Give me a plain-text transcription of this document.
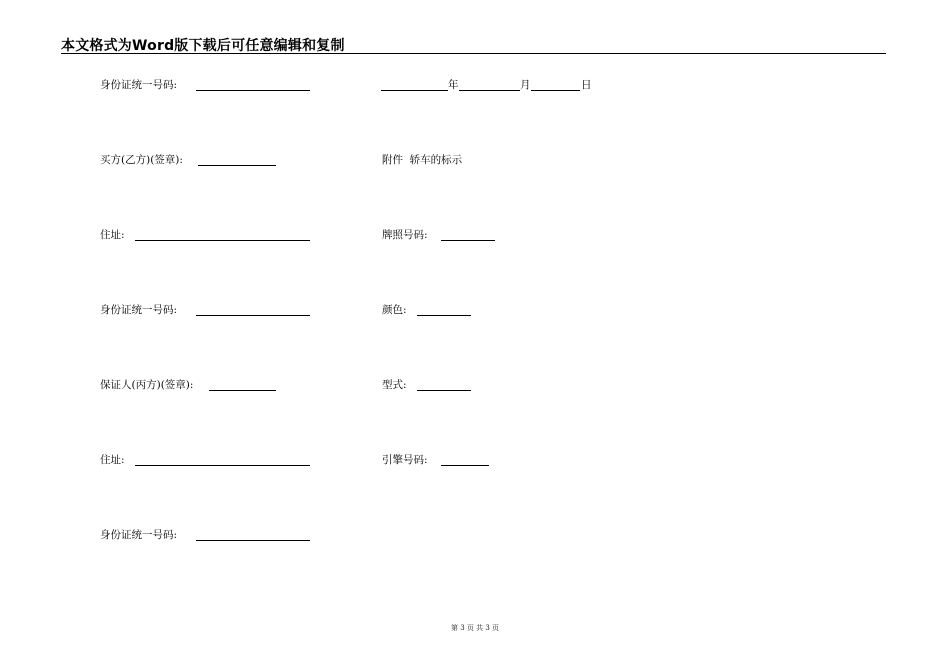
本文格式为Word版下载后可任意编辑和复制
身份证统一号码:
买方(乙方)(签章):
住址:
身份证统一号码:
保证人(丙方)(签章):
住址:
身份证统一号码:
年	月	日
附件  轿车的标示
牌照号码:
颜色:
型式:
引擎号码:
第 3 页 共 3 页
